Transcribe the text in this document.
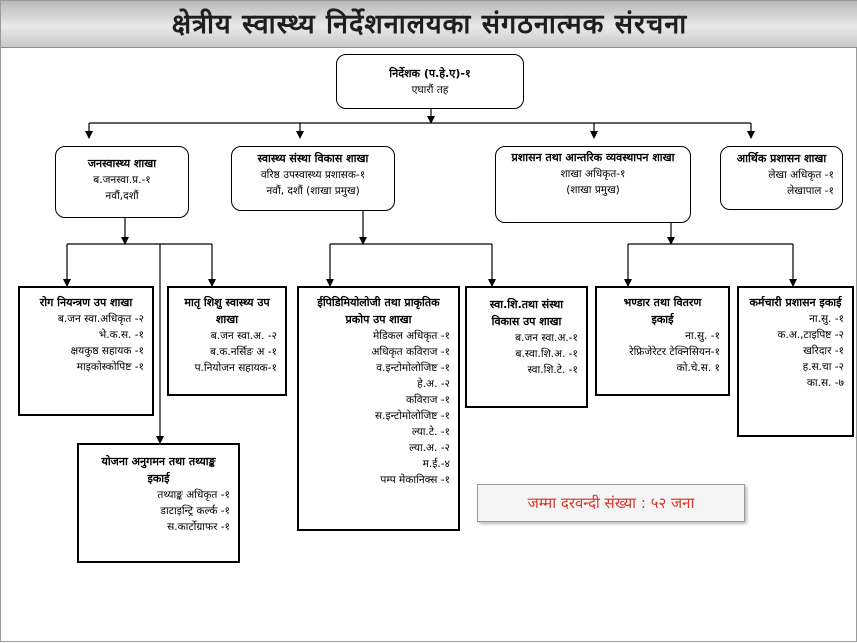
क्षेत्रीय स्वास्थ्य निर्देशनालयका संगठनात्मक संरचना
निर्देशक (प.हे.ए)-१
एघारौं तह
जनस्वास्थ्य शाखा
ब.जनस्वा.प्र.-१
नवौं,दशौं
स्वास्थ्य संस्था विकास शाखा
वरिष्ठ उपस्वास्थ्य प्रशासक-१
नवौं, दशौं (शाखा प्रमुख)
प्रशासन तथा आन्तरिक व्यवस्थापन शाखा
शाखा अधिकृत-१
(शाखा प्रमुख)
आर्थिक प्रशासन शाखा
लेखा अधिकृत -१
लेखापाल -१
रोग नियन्त्रण उप शाखा
ब.जन स्वा.अधिकृत -२
भे.क.स. -१
क्षयकुष्ठ सहायक -१
माइकोस्कोपिष्ट -१
मातृ शिशु स्वास्थ्य उप शाखा
ब.जन स्वा.अ. -२
ब.क.नर्सिङ अ -१
प.नियोजन सहायक-१
ईपिडिमियोलोजी तथा प्राकृतिक प्रकोप उप शाखा
मेडिकल अधिकृत -१
अधिकृत कविराज -१
व.इन्टोमोलोजिष्ट -१
हे.अ. -२
कविराज -१
स.इन्टोमोलोजिष्ट -१
ल्या.टे. -१
ल्या.अ. -२
म.ई.-४
पम्प मेकानिक्स -१
स्वा.शि.तथा संस्था विकास उप शाखा
ब.जन स्वा.अ.-१
ब.स्वा.शि.अ. -१
स्वा.शि.टे. -१
भण्डार तथा वितरण इकाई
ना.सु. -१
रेफ्रिजेरेटर टेक्निसियन-१
को.चे.स. १
कर्मचारी प्रशासन इकाई
ना.सु. -१
क.अ.,टाइपिष्ट -२
खरिदार -१
ह.स.चा -२
का.स. -७
योजना अनुगमन तथा तथ्याङ्क इकाई
तथ्याङ्क अधिकृत -१
डाटाइन्ट्रि कर्ल्क -१
स.कार्टोग्राफर -१
जम्मा दरवन्दी संख्या : ५२ जना
